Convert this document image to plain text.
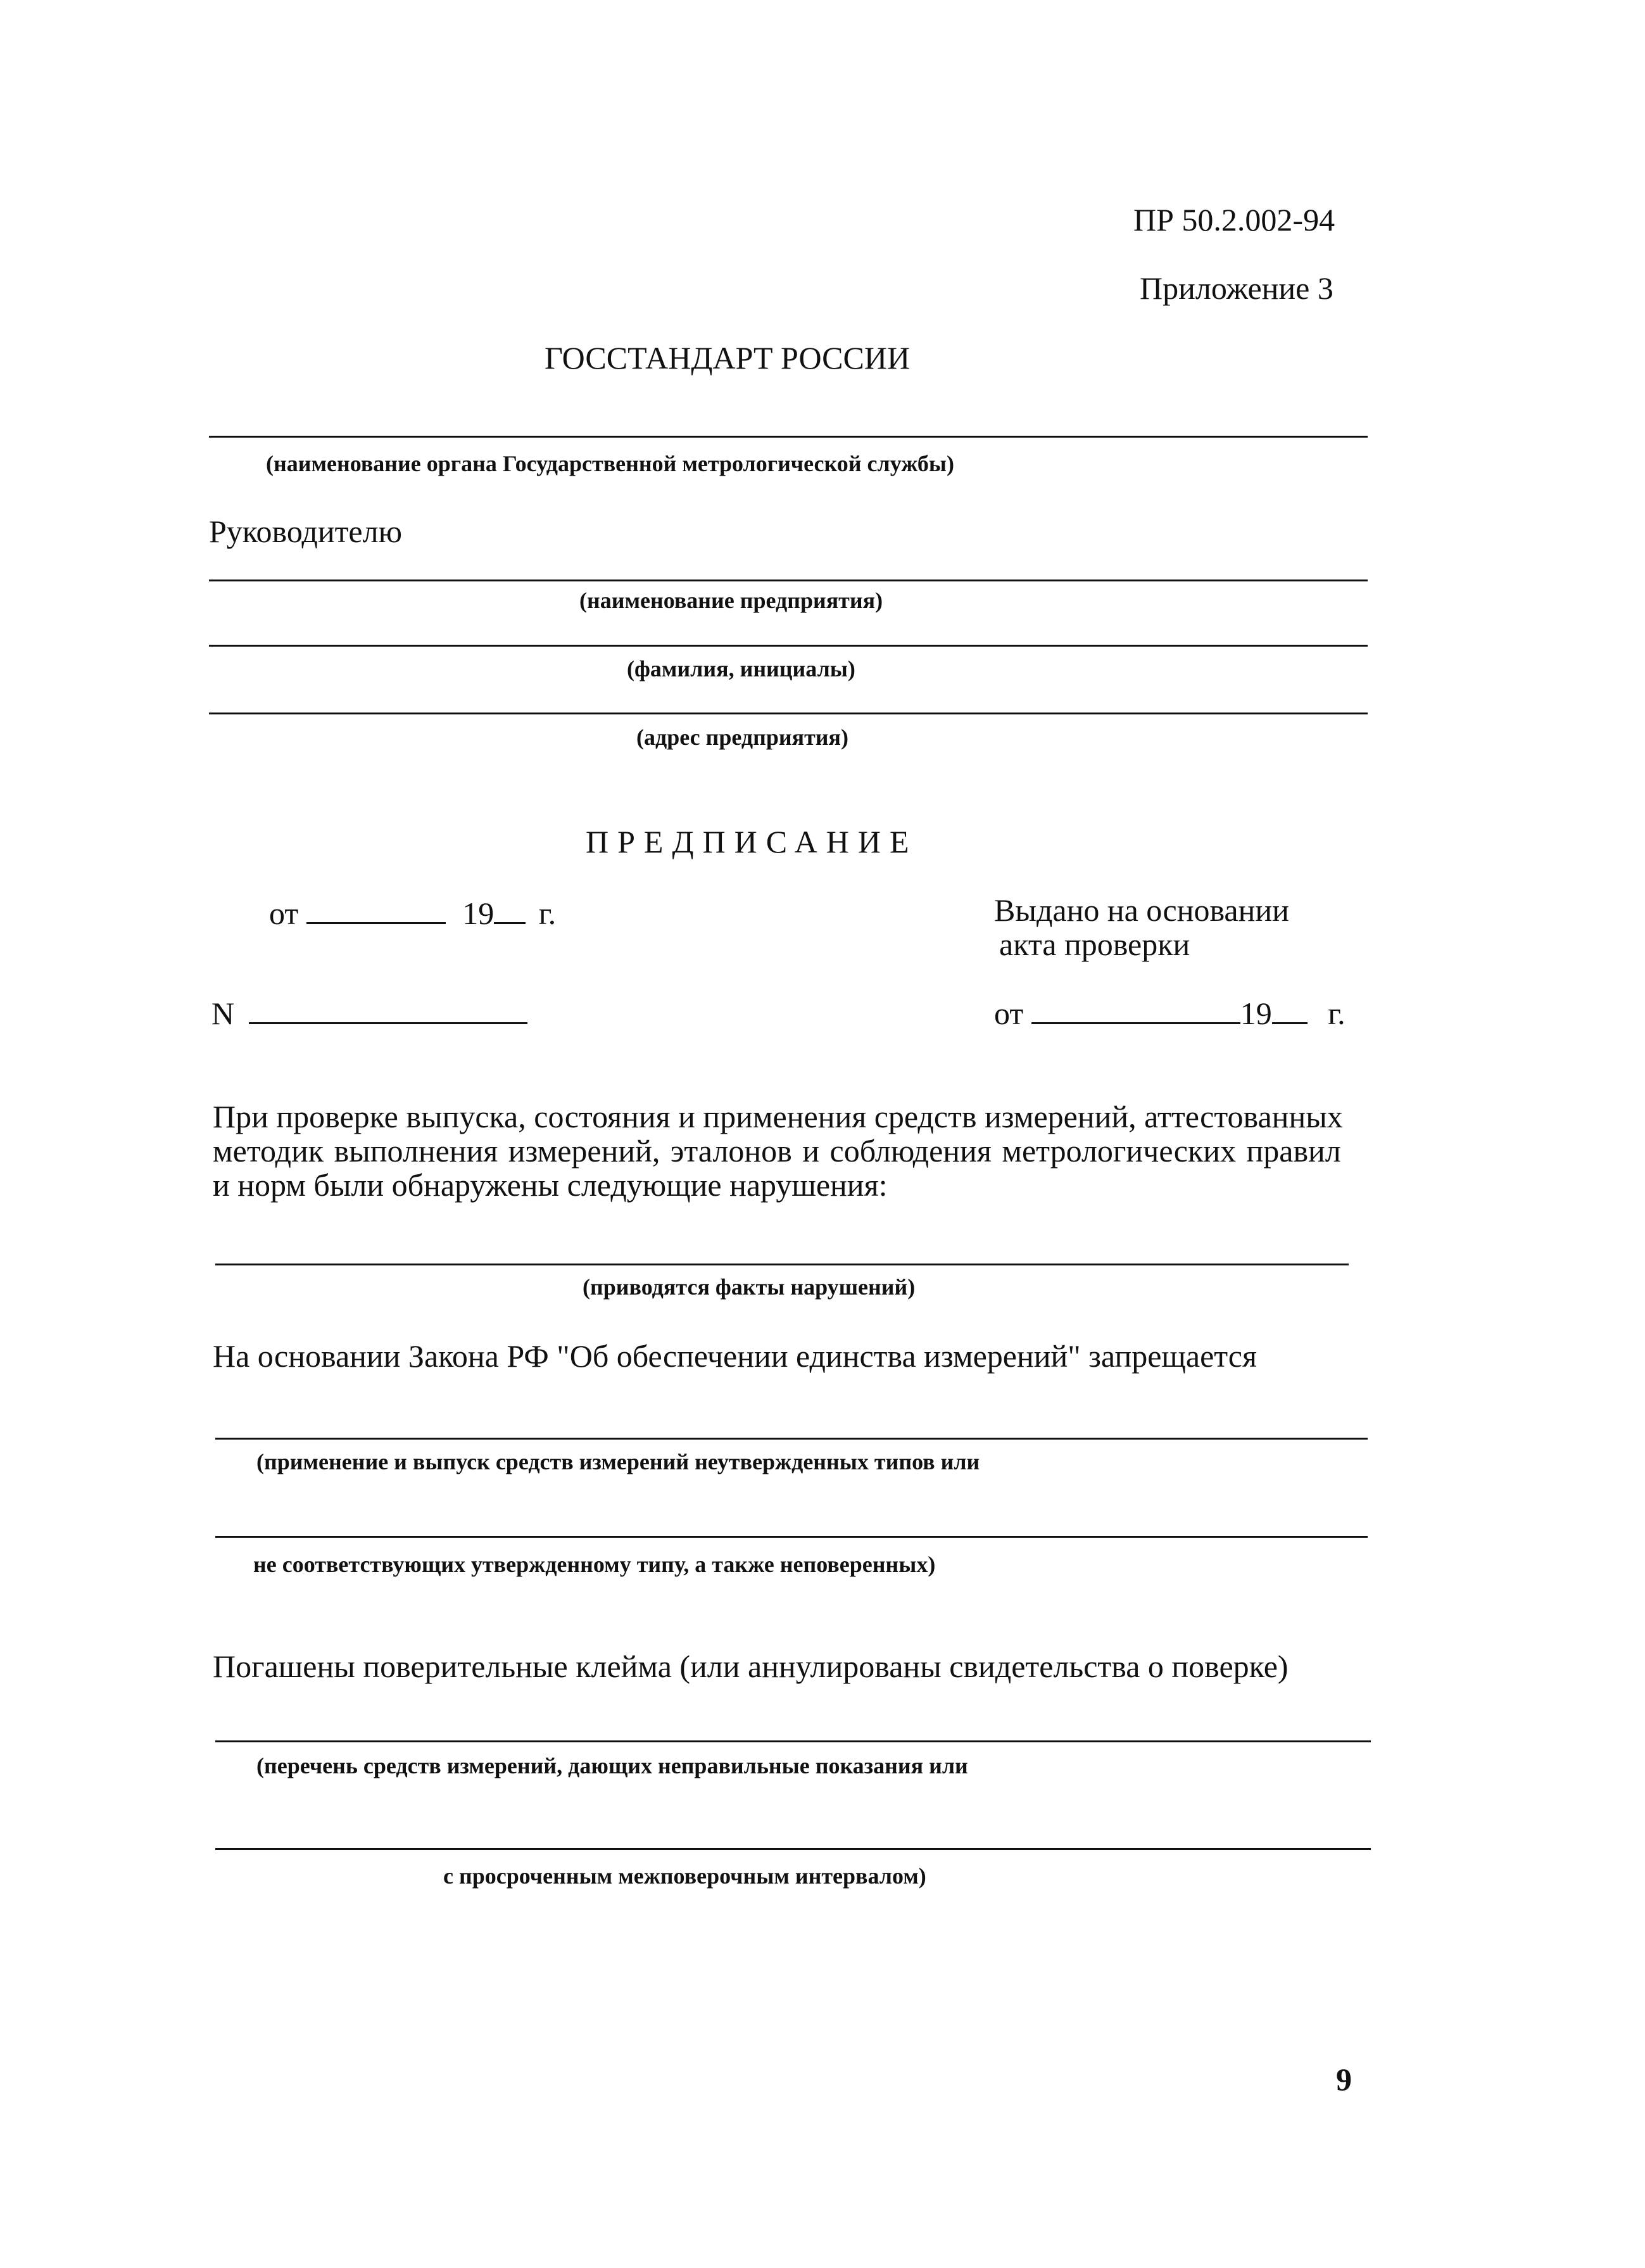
ПР 50.2.002-94
Приложение 3
ГОССТАНДАРТ РОССИИ
(наименование органа Государственной метрологической службы)
Руководителю
(наименование предприятия)
(фамилия, инициалы)
(адрес предприятия)
ПРЕДПИСАНИЕ
от	19 г.	Выдано на основании
акта проверки
N	от	19 г.
При проверке выпуска, состояния и применения средств измерений, аттестованных
методик выполнения измерений, эталонов и соблюдения метрологических правил
и норм были обнаружены следующие нарушения:
(приводятся факты нарушений)
На основании Закона РФ "Об обеспечении единства измерений" запрещается
(применение и выпуск средств измерений неутвержденных типов или
не соответствующих утвержденному типу, а также неповеренных)
Погашены поверительные клейма (или аннулированы свидетельства о поверке)
(перечень средств измерений, дающих неправильные показания или
с просроченным межповерочным интервалом)
9
